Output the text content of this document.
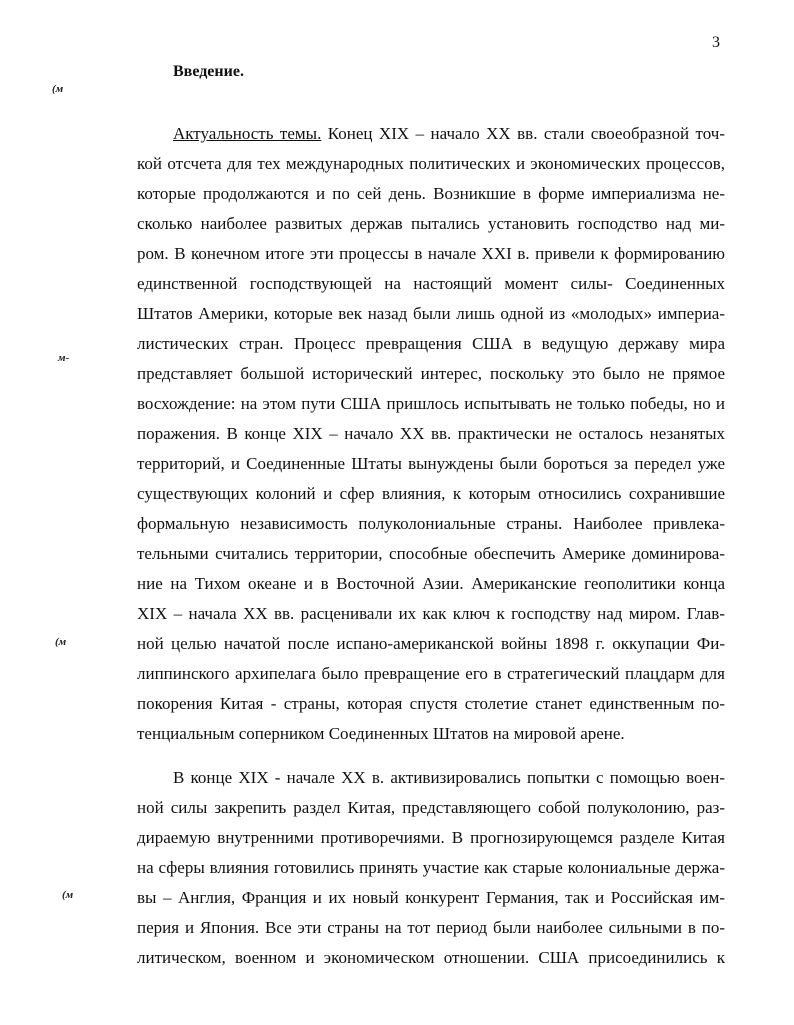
3
Введение.
(м
м-
(м
(м
Актуальность темы. Конец XIX – начало XX вв. стали своеобразной точ-
кой отсчета для тех международных политических и экономических процессов,
которые продолжаются и по сей день. Возникшие в форме империализма не-
сколько наиболее развитых держав пытались установить господство над ми-
ром. В конечном итоге эти процессы в начале XXI в. привели к формированию
единственной господствующей на настоящий момент силы- Соединенных
Штатов Америки, которые век назад были лишь одной из «молодых» империа-
листических стран. Процесс превращения США в ведущую державу мира
представляет большой исторический интерес, поскольку это было не прямое
восхождение: на этом пути США пришлось испытывать не только победы, но и
поражения. В конце XIX – начало XX вв. практически не осталось незанятых
территорий, и Соединенные Штаты вынуждены были бороться за передел уже
существующих колоний и сфер влияния, к которым относились сохранившие
формальную независимость полуколониальные страны. Наиболее привлека-
тельными считались территории, способные обеспечить Америке доминирова-
ние на Тихом океане и в Восточной Азии. Американские геополитики конца
XIX – начала XX вв. расценивали их как ключ к господству над миром. Глав-
ной целью начатой после испано-американской войны 1898 г. оккупации Фи-
липпинского архипелага было превращение его в стратегический плацдарм для
покорения Китая - страны, которая спустя столетие станет единственным по-
тенциальным соперником Соединенных Штатов на мировой арене.
В конце XIX - начале XX в. активизировались попытки с помощью воен-
ной силы закрепить раздел Китая, представляющего собой полуколонию, раз-
дираемую внутренними противоречиями. В прогнозирующемся разделе Китая
на сферы влияния готовились принять участие как старые колониальные держа-
вы – Англия, Франция и их новый конкурент Германия, так и Российская им-
перия и Япония. Все эти страны на тот период были наиболее сильными в по-
литическом, военном и экономическом отношении. США присоединились к
